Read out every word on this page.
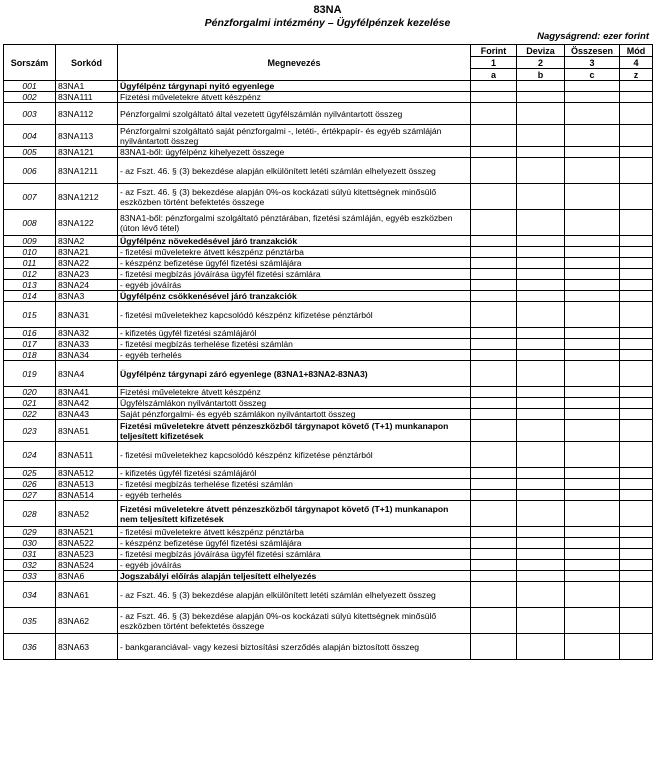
83NA
Pénzforgalmi intézmény – Ügyfélpénzek kezelése
Nagyságrend: ezer forint
Sorszám	Sorkód	Megnevezés	Forint	Deviza	Összesen	Mód
			1	2	3	4
			a	b	c	z
001	83NA1	Ügyfélpénz tárgynapi nyitó egyenlege				
002	83NA111	Fizetési műveletekre átvett készpénz				
003	83NA112	Pénzforgalmi szolgáltató által vezetett ügyfélszámlán nyilvántartott összeg				
004	83NA113	Pénzforgalmi szolgáltató saját pénzforgalmi -, letéti-, értékpapír- és egyéb számláján nyilvántartott összeg				
005	83NA121	83NA1-ből: ügyfélpénz kihelyezett összege				
006	83NA1211	- az Fszt. 46. § (3) bekezdése alapján elkülönített letéti számlán elhelyezett összeg				
007	83NA1212	- az Fszt. 46. § (3) bekezdése alapján 0%-os kockázati súlyú kitettségnek minősülő eszközben történt befektetés összege				
008	83NA122	83NA1-ből: pénzforgalmi szolgáltató pénztárában, fizetési számláján, egyéb eszközben (úton lévő tétel)				
009	83NA2	Ügyfélpénz növekedésével járó tranzakciók				
010	83NA21	- fizetési műveletekre átvett készpénz pénztárba				
011	83NA22	- készpénz befizetése ügyfél fizetési számlájára				
012	83NA23	- fizetési megbízás jóváírása ügyfél fizetési számlára				
013	83NA24	- egyéb jóváírás				
014	83NA3	Ügyfélpénz csökkenésével járó tranzakciók				
015	83NA31	- fizetési műveletekhez kapcsolódó készpénz kifizetése pénztárból				
016	83NA32	- kifizetés ügyfél fizetési számlájáról				
017	83NA33	- fizetési megbízás terhelése fizetési számlán				
018	83NA34	- egyéb terhelés				
019	83NA4	Ügyfélpénz tárgynapi záró egyenlege (83NA1+83NA2-83NA3)				
020	83NA41	Fizetési műveletekre átvett készpénz				
021	83NA42	Ügyfélszámlákon nyilvántartott összeg				
022	83NA43	Saját pénzforgalmi- és egyéb számlákon nyilvántartott összeg				
023	83NA51	Fizetési műveletekre átvett pénzeszközből tárgynapot követő (T+1) munkanapon teljesített kifizetések				
024	83NA511	- fizetési műveletekhez kapcsolódó készpénz kifizetése pénztárból				
025	83NA512	- kifizetés ügyfél fizetési számlájáról				
026	83NA513	- fizetési megbízás terhelése fizetési számlán				
027	83NA514	- egyéb terhelés				
028	83NA52	Fizetési műveletekre átvett pénzeszközből tárgynapot követő (T+1) munkanapon nem teljesített kifizetések				
029	83NA521	- fizetési műveletekre átvett készpénz pénztárba				
030	83NA522	- készpénz befizetése ügyfél fizetési számlájára				
031	83NA523	- fizetési megbízás jóváírása ügyfél fizetési számlára				
032	83NA524	- egyéb jóváírás				
033	83NA6	Jogszabályi előírás alapján teljesített elhelyezés				
034	83NA61	- az Fszt. 46. § (3) bekezdése alapján elkülönített letéti számlán elhelyezett összeg				
035	83NA62	- az Fszt. 46. § (3) bekezdése alapján 0%-os kockázati súlyú kitettségnek minősülő eszközben történt befektetés összege				
036	83NA63	- bankgaranciával- vagy kezesi biztosítási szerződés alapján biztosított összeg				
